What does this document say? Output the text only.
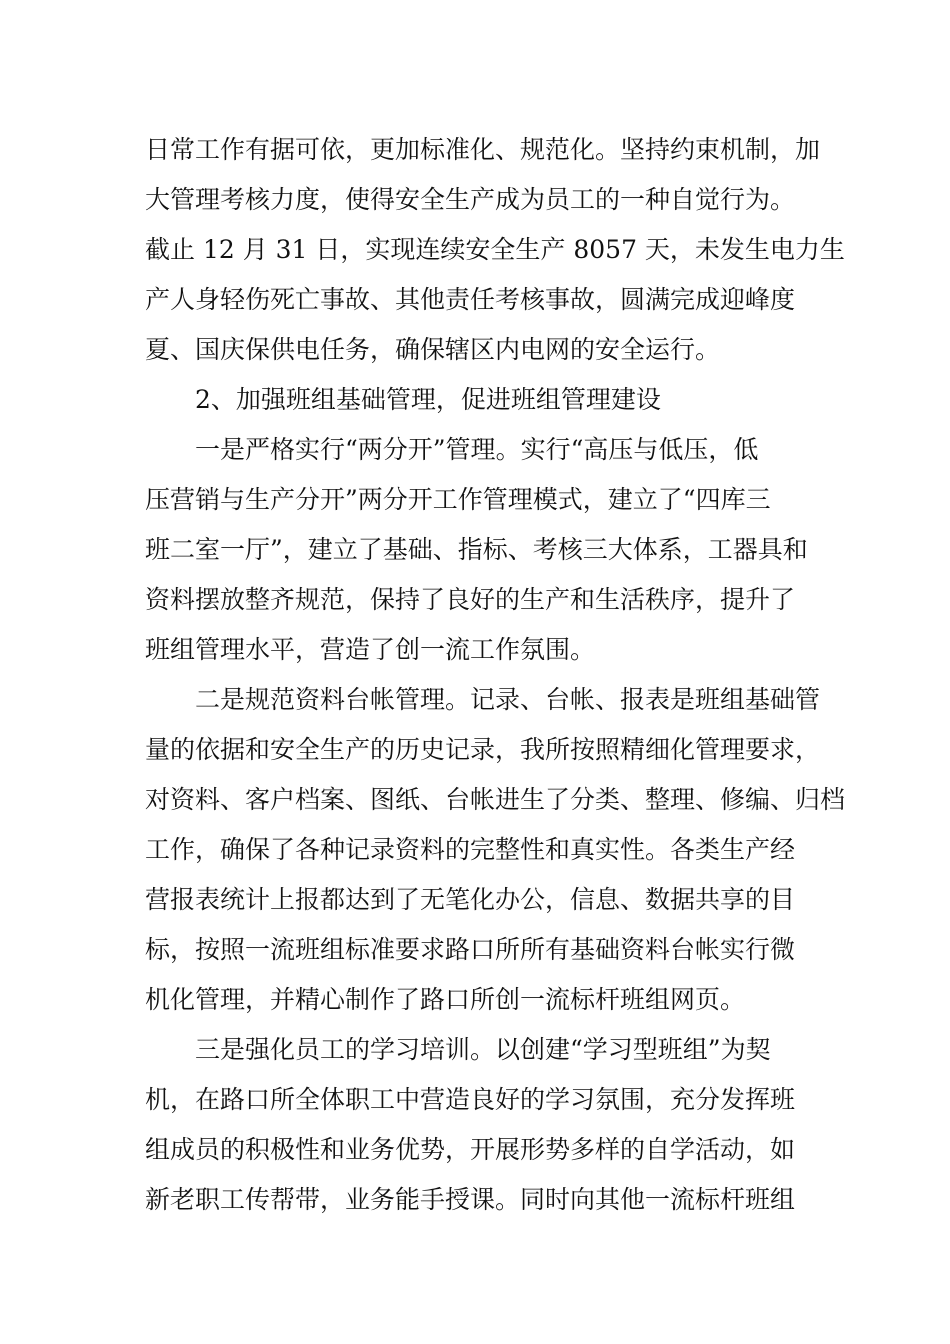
日常工作有据可依，更加标准化、规范化。坚持约束机制，加
大管理考核力度，使得安全生产成为员工的一种自觉行为。
截止 12 月 31 日，实现连续安全生产 8057 天，未发生电力生
产人身轻伤死亡事故、其他责任考核事故，圆满完成迎峰度
夏、国庆保供电任务，确保辖区内电网的安全运行。

2、加强班组基础管理，促进班组管理建设

一是严格实行“两分开”管理。实行“高压与低压，低
压营销与生产分开”两分开工作管理模式，建立了“四库三
班二室一厅”，建立了基础、指标、考核三大体系，工器具和
资料摆放整齐规范，保持了良好的生产和生活秩序，提升了
班组管理水平，营造了创一流工作氛围。

二是规范资料台帐管理。记录、台帐、报表是班组基础管
量的依据和安全生产的历史记录，我所按照精细化管理要求，
对资料、客户档案、图纸、台帐进生了分类、整理、修编、归档
工作，确保了各种记录资料的完整性和真实性。各类生产经
营报表统计上报都达到了无笔化办公，信息、数据共享的目
标，按照一流班组标准要求路口所所有基础资料台帐实行微
机化管理，并精心制作了路口所创一流标杆班组网页。

三是强化员工的学习培训。以创建“学习型班组”为契
机，在路口所全体职工中营造良好的学习氛围，充分发挥班
组成员的积极性和业务优势，开展形势多样的自学活动，如
新老职工传帮带，业务能手授课。同时向其他一流标杆班组
